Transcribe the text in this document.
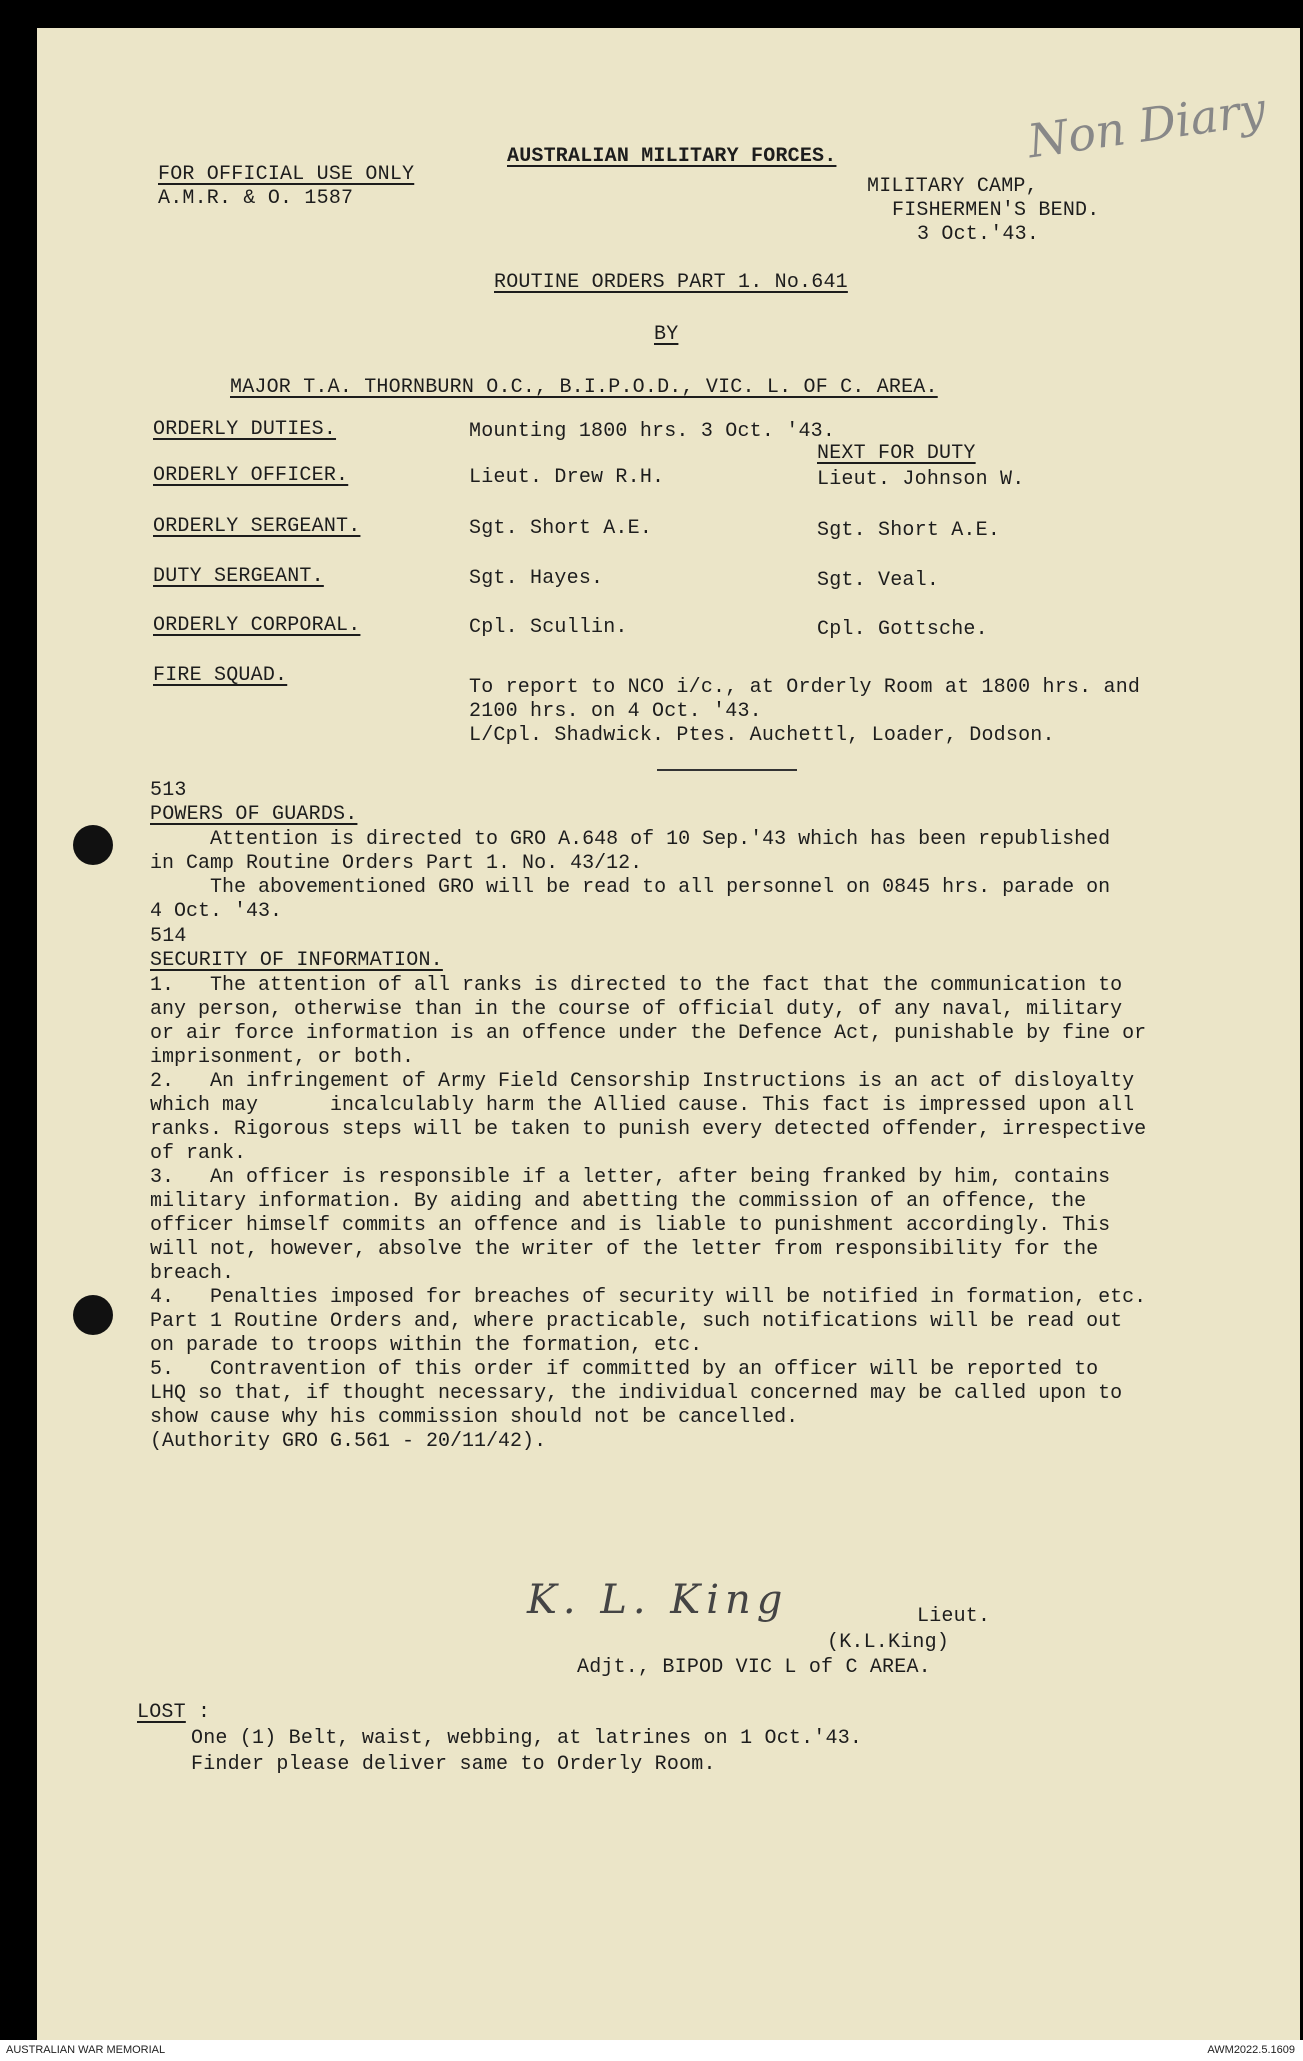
Non Diary
AUSTRALIAN MILITARY FORCES.
FOR OFFICIAL USE ONLY
A.M.R. & O. 1587
MILITARY CAMP,
FISHERMEN'S BEND.
3 Oct.'43.
ROUTINE ORDERS PART 1. No.641
BY
MAJOR T.A. THORNBURN O.C., B.I.P.O.D., VIC. L. OF C. AREA.
ORDERLY DUTIES.	Mounting 1800 hrs. 3 Oct. '43.
NEXT FOR DUTY
ORDERLY OFFICER.	Lieut. Drew R.H.	Lieut. Johnson W.
ORDERLY SERGEANT.	Sgt. Short A.E.	Sgt. Short A.E.
DUTY SERGEANT.	Sgt. Hayes.	Sgt. Veal.
ORDERLY CORPORAL.	Cpl. Scullin.	Cpl. Gottsche.
FIRE SQUAD.
To report to NCO i/c., at Orderly Room at 1800 hrs. and
2100 hrs. on 4 Oct. '43.
L/Cpl. Shadwick. Ptes. Auchettl, Loader, Dodson.
513
POWERS OF GUARDS.
Attention is directed to GRO A.648 of 10 Sep.'43 which has been republished
in Camp Routine Orders Part 1. No. 43/12.
The abovementioned GRO will be read to all personnel on 0845 hrs. parade on
4 Oct. '43.
514
SECURITY OF INFORMATION.
1.   The attention of all ranks is directed to the fact that the communication to
any person, otherwise than in the course of official duty, of any naval, military
or air force information is an offence under the Defence Act, punishable by fine or
imprisonment, or both.
2.   An infringement of Army Field Censorship Instructions is an act of disloyalty
which may      incalculably harm the Allied cause. This fact is impressed upon all
ranks. Rigorous steps will be taken to punish every detected offender, irrespective
of rank.
3.   An officer is responsible if a letter, after being franked by him, contains
military information. By aiding and abetting the commission of an offence, the
officer himself commits an offence and is liable to punishment accordingly. This
will not, however, absolve the writer of the letter from responsibility for the
breach.
4.   Penalties imposed for breaches of security will be notified in formation, etc.
Part 1 Routine Orders and, where practicable, such notifications will be read out
on parade to troops within the formation, etc.
5.   Contravention of this order if committed by an officer will be reported to
LHQ so that, if thought necessary, the individual concerned may be called upon to
show cause why his commission should not be cancelled.
(Authority GRO G.561 - 20/11/42).
K. L. King	Lieut.
(K.L.King)
Adjt., BIPOD VIC L of C AREA.
LOST :
One (1) Belt, waist, webbing, at latrines on 1 Oct.'43.
Finder please deliver same to Orderly Room.
AUSTRALIAN WAR MEMORIAL	AWM2022.5.1609
